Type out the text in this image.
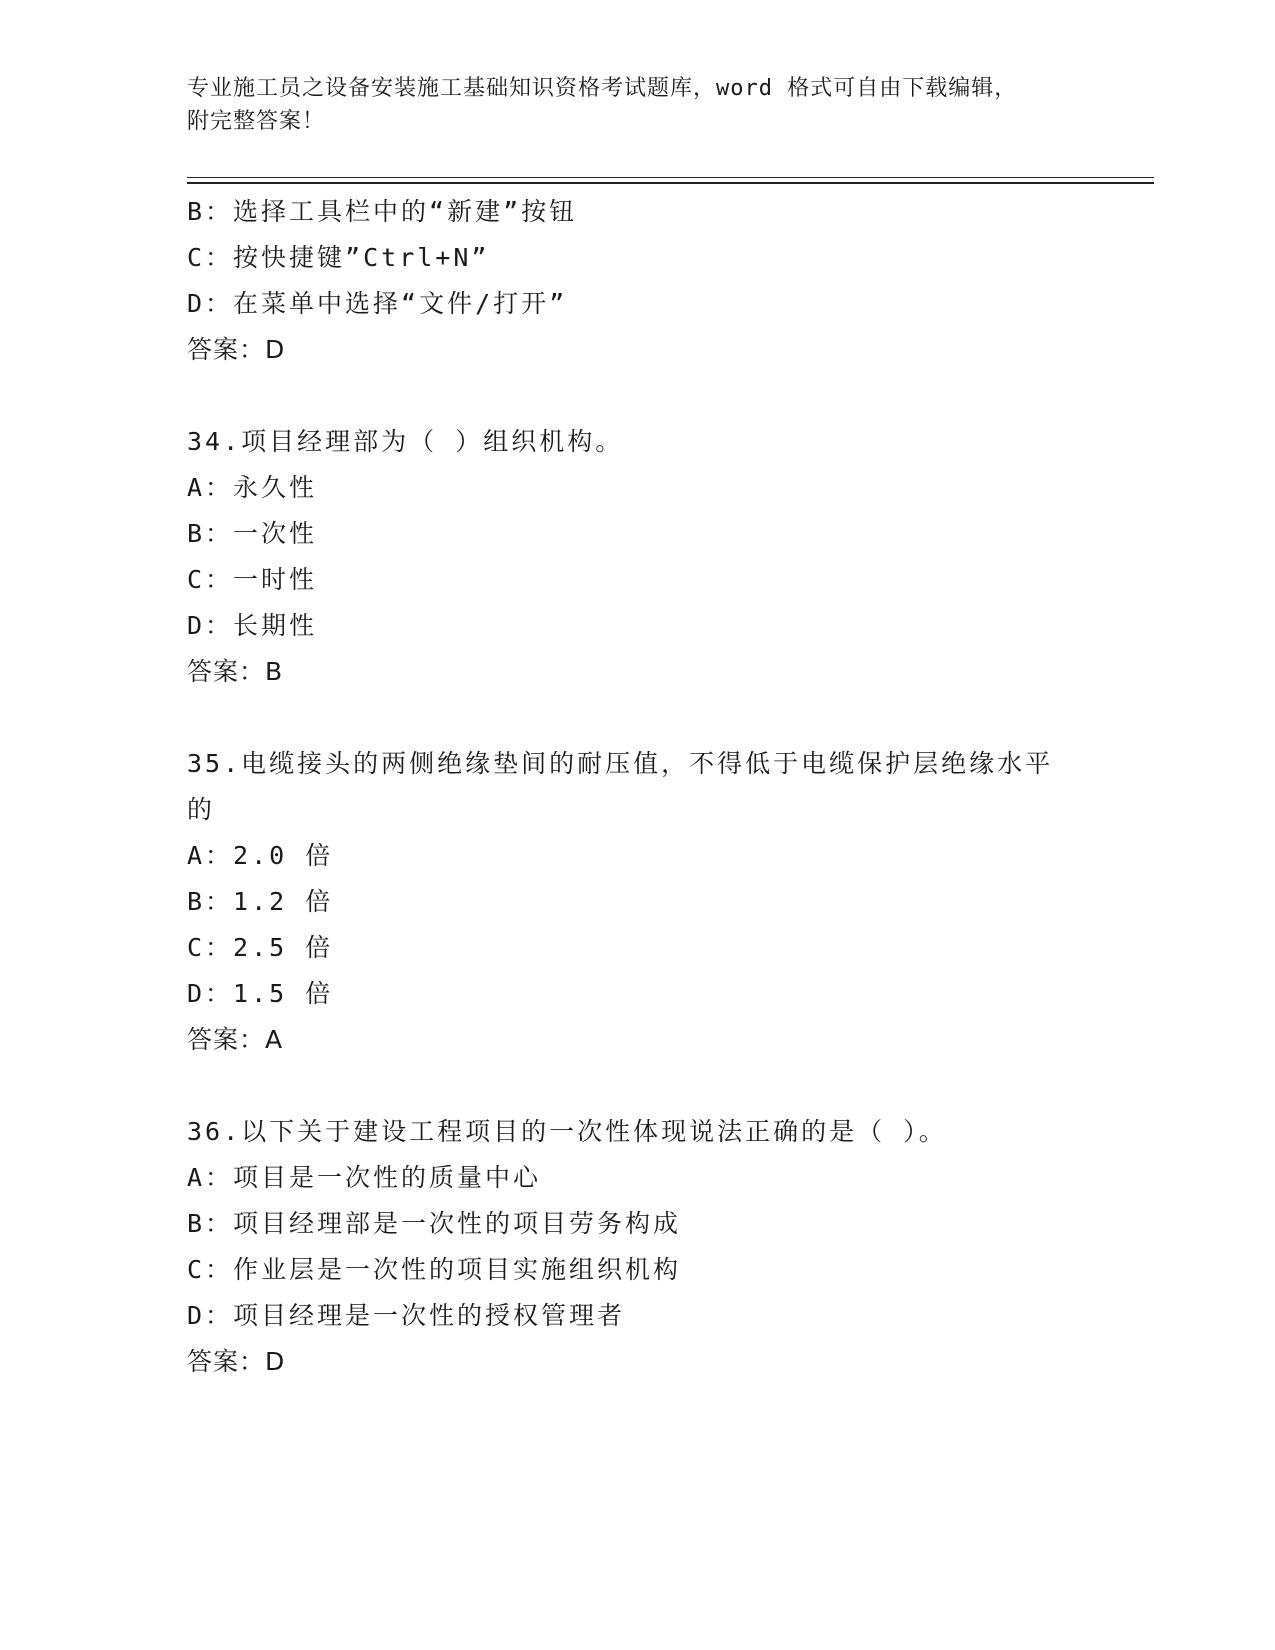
专业施工员之设备安装施工基础知识资格考试题库，word 格式可自由下载编辑，
附完整答案！
B：选择工具栏中的“新建”按钮
C：按快捷键”Ctrl+N”
D：在菜单中选择“文件/打开”
答案：D
34.项目经理部为（ ）组织机构。
A：永久性
B：一次性
C：一时性
D：长期性
答案：B
35.电缆接头的两侧绝缘垫间的耐压值，不得低于电缆保护层绝缘水平
的
A：2.0 倍
B：1.2 倍
C：2.5 倍
D：1.5 倍
答案：A
36.以下关于建设工程项目的一次性体现说法正确的是（ ）。
A：项目是一次性的质量中心
B：项目经理部是一次性的项目劳务构成
C：作业层是一次性的项目实施组织机构
D：项目经理是一次性的授权管理者
答案：D
